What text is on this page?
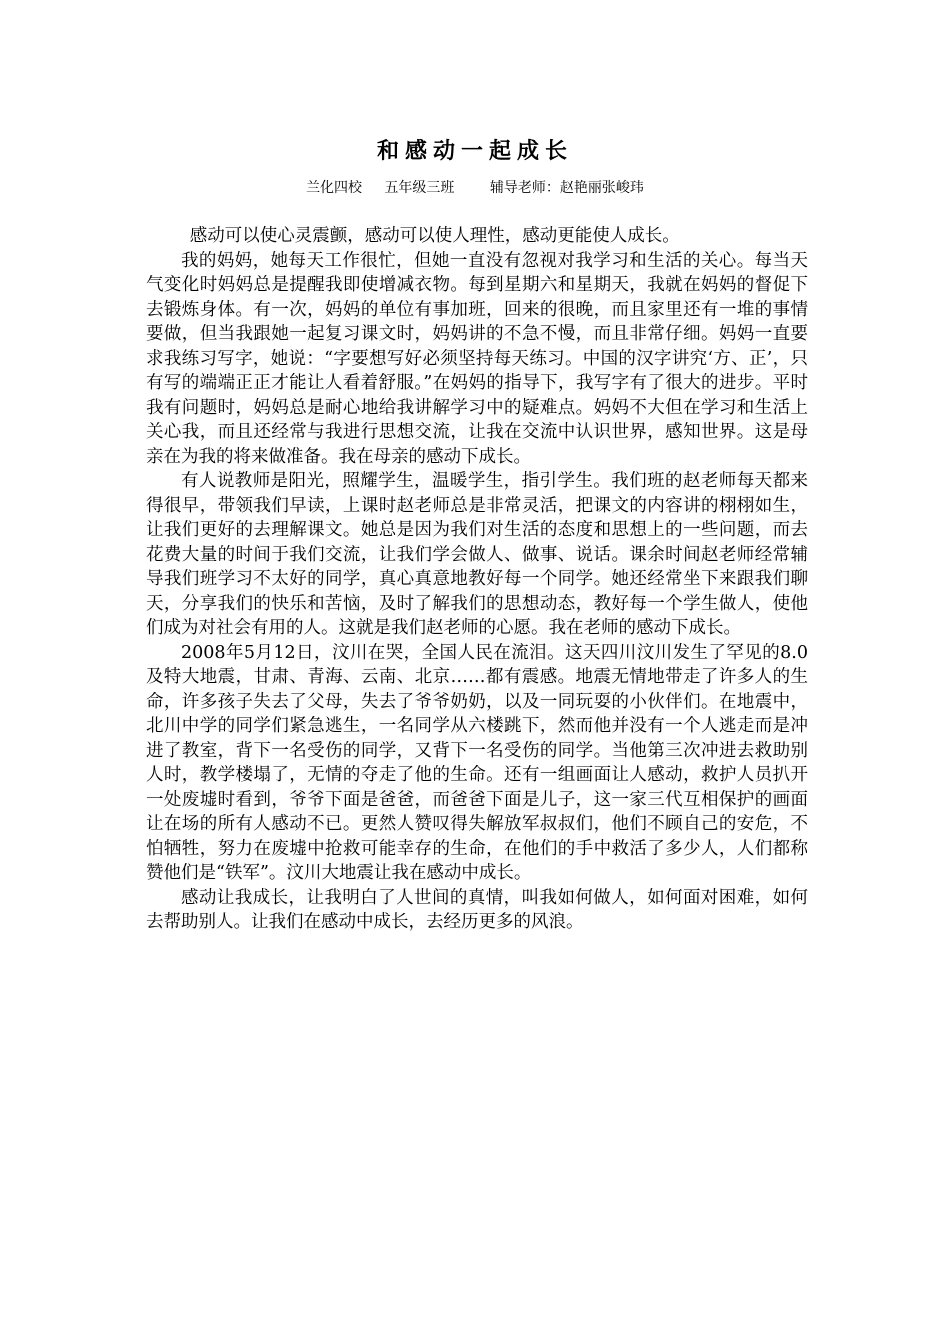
和感动一起成长
兰化四校     五年级三班        辅导老师：赵艳丽张峻玮

感动可以使心灵震颤，感动可以使人理性，感动更能使人成长。

我的妈妈，她每天工作很忙，但她一直没有忽视对我学习和生活的关心。每当天气变化时妈妈总是提醒我即使增减衣物。每到星期六和星期天，我就在妈妈的督促下去锻炼身体。有一次，妈妈的单位有事加班，回来的很晚，而且家里还有一堆的事情要做，但当我跟她一起复习课文时，妈妈讲的不急不慢，而且非常仔细。妈妈一直要求我练习写字，她说：“字要想写好必须坚持每天练习。中国的汉字讲究‘方、正’，只有写的端端正正才能让人看着舒服。”在妈妈的指导下，我写字有了很大的进步。平时我有问题时，妈妈总是耐心地给我讲解学习中的疑难点。妈妈不大但在学习和生活上关心我，而且还经常与我进行思想交流，让我在交流中认识世界，感知世界。这是母亲在为我的将来做准备。我在母亲的感动下成长。

有人说教师是阳光，照耀学生，温暖学生，指引学生。我们班的赵老师每天都来得很早，带领我们早读，上课时赵老师总是非常灵活，把课文的内容讲的栩栩如生，让我们更好的去理解课文。她总是因为我们对生活的态度和思想上的一些问题，而去花费大量的时间于我们交流，让我们学会做人、做事、说话。课余时间赵老师经常辅导我们班学习不太好的同学，真心真意地教好每一个同学。她还经常坐下来跟我们聊天，分享我们的快乐和苦恼，及时了解我们的思想动态，教好每一个学生做人，使他们成为对社会有用的人。这就是我们赵老师的心愿。我在老师的感动下成长。

2008年5月12日，汶川在哭，全国人民在流泪。这天四川汶川发生了罕见的8.0及特大地震，甘肃、青海、云南、北京……都有震感。地震无情地带走了许多人的生命，许多孩子失去了父母，失去了爷爷奶奶，以及一同玩耍的小伙伴们。在地震中，北川中学的同学们紧急逃生，一名同学从六楼跳下，然而他并没有一个人逃走而是冲进了教室，背下一名受伤的同学，又背下一名受伤的同学。当他第三次冲进去救助别人时，教学楼塌了，无情的夺走了他的生命。还有一组画面让人感动，救护人员扒开一处废墟时看到，爷爷下面是爸爸，而爸爸下面是儿子，这一家三代互相保护的画面让在场的所有人感动不已。更然人赞叹得失解放军叔叔们，他们不顾自己的安危，不怕牺牲，努力在废墟中抢救可能幸存的生命，在他们的手中救活了多少人，人们都称赞他们是“铁军”。汶川大地震让我在感动中成长。

感动让我成长，让我明白了人世间的真情，叫我如何做人，如何面对困难，如何去帮助别人。让我们在感动中成长，去经历更多的风浪。
